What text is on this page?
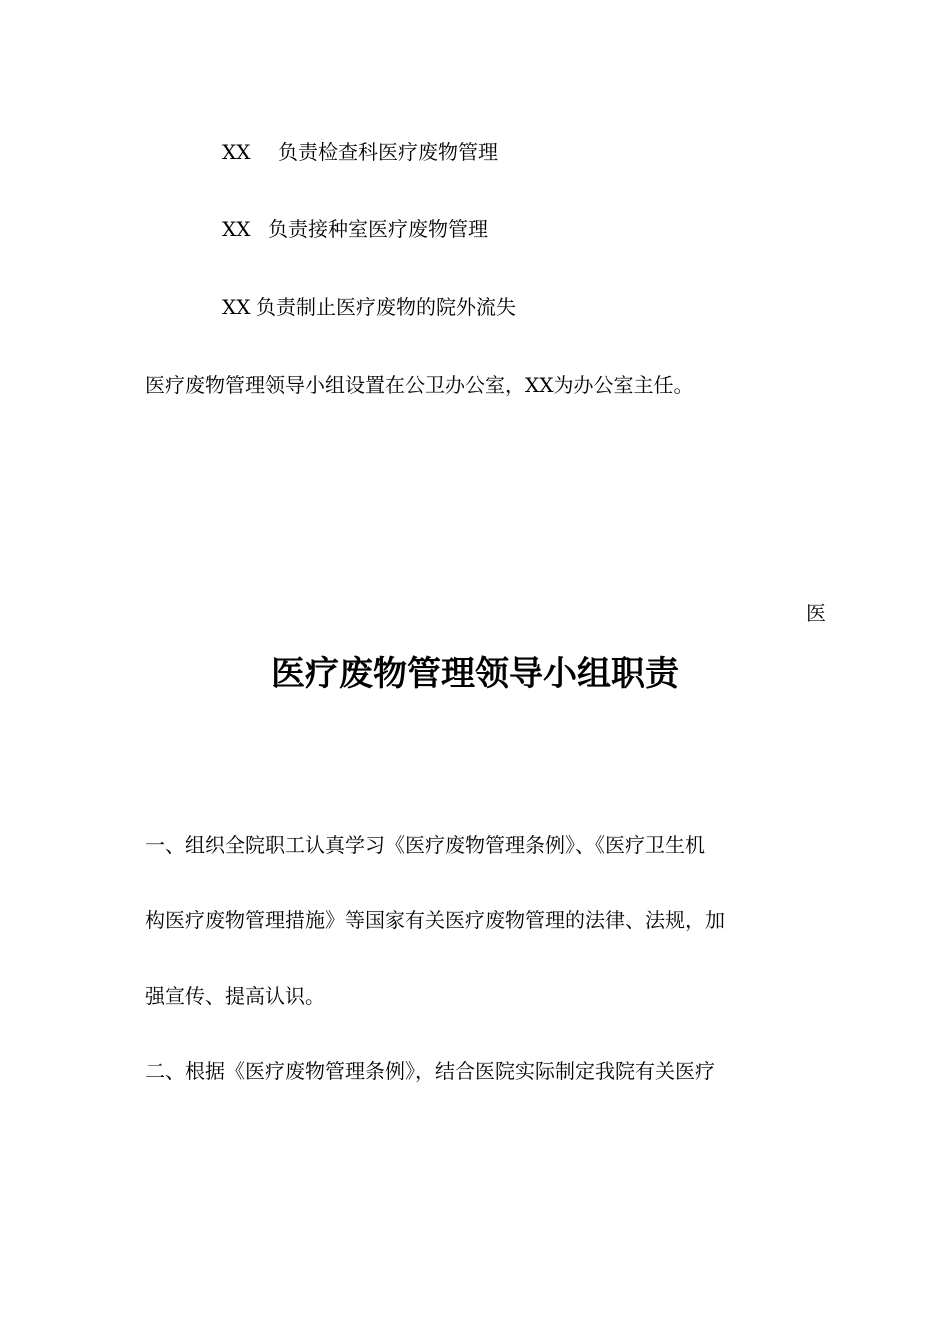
XX 负责检查科医疗废物管理
XX 负责接种室医疗废物管理
XX 负责制止医疗废物的院外流失
医疗废物管理领导小组设置在公卫办公室，XX为办公室主任。
医
医疗废物管理领导小组职责
一、组织全院职工认真学习《医疗废物管理条例》、《医疗卫生机
构医疗废物管理措施》等国家有关医疗废物管理的法律、法规，加
强宣传、提高认识。
二、根据《医疗废物管理条例》，结合医院实际制定我院有关医疗
